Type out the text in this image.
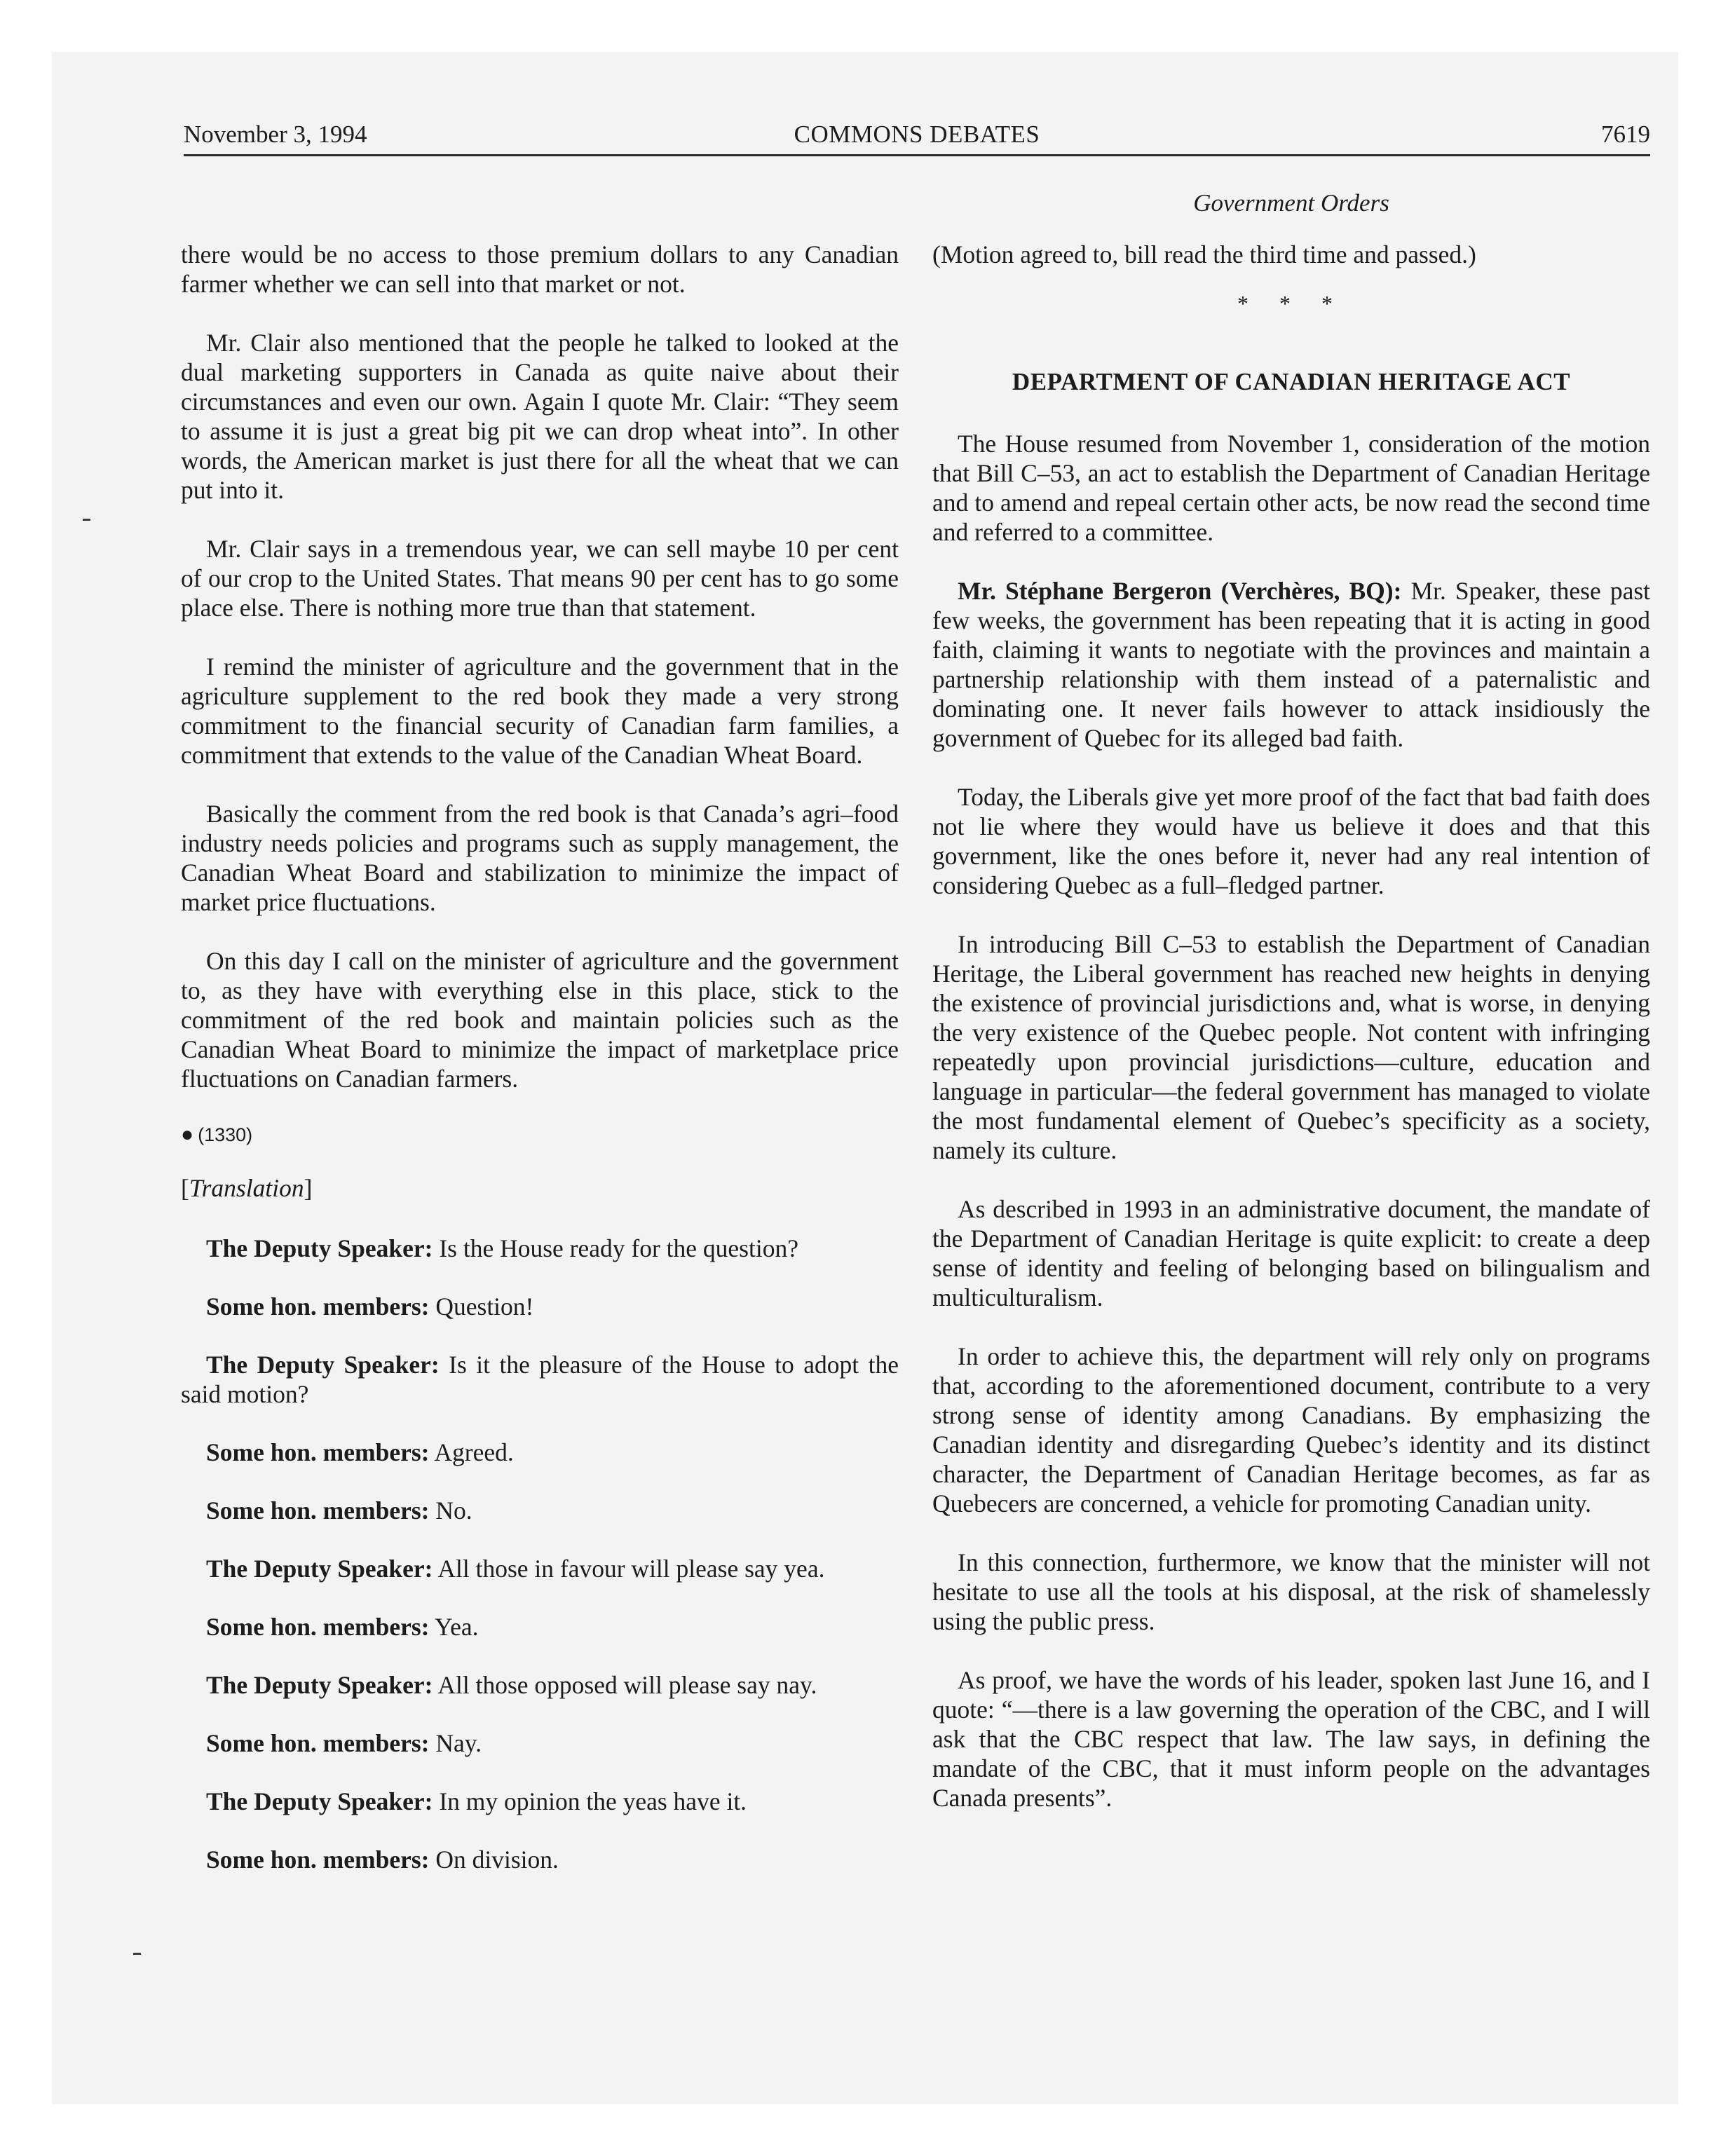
November 3, 1994	COMMONS DEBATES	7619
Government Orders

there would be no access to those premium dollars to any Canadian farmer whether we can sell into that market or not.

Mr. Clair also mentioned that the people he talked to looked at the dual marketing supporters in Canada as quite naive about their circumstances and even our own. Again I quote Mr. Clair: “They seem to assume it is just a great big pit we can drop wheat into”. In other words, the American market is just there for all the wheat that we can put into it.

Mr. Clair says in a tremendous year, we can sell maybe 10 per cent of our crop to the United States. That means 90 per cent has to go some place else. There is nothing more true than that statement.

I remind the minister of agriculture and the government that in the agriculture supplement to the red book they made a very strong commitment to the financial security of Canadian farm families, a commitment that extends to the value of the Canadian Wheat Board.

Basically the comment from the red book is that Canada’s agri–food industry needs policies and programs such as supply management, the Canadian Wheat Board and stabilization to minimize the impact of market price fluctuations.

On this day I call on the minister of agriculture and the government to, as they have with everything else in this place, stick to the commitment of the red book and maintain policies such as the Canadian Wheat Board to minimize the impact of marketplace price fluctuations on Canadian farmers.

● (1330)
[Translation]

The Deputy Speaker: Is the House ready for the question?

Some hon. members: Question!

The Deputy Speaker: Is it the pleasure of the House to adopt the said motion?

Some hon. members: Agreed.

Some hon. members: No.

The Deputy Speaker: All those in favour will please say yea.

Some hon. members: Yea.

The Deputy Speaker: All those opposed will please say nay.

Some hon. members: Nay.

The Deputy Speaker: In my opinion the yeas have it.

Some hon. members: On division.

(Motion agreed to, bill read the third time and passed.)

* * *
DEPARTMENT OF CANADIAN HERITAGE ACT

The House resumed from November 1, consideration of the motion that Bill C–53, an act to establish the Department of Canadian Heritage and to amend and repeal certain other acts, be now read the second time and referred to a committee.

Mr. Stéphane Bergeron (Verchères, BQ): Mr. Speaker, these past few weeks, the government has been repeating that it is acting in good faith, claiming it wants to negotiate with the provinces and maintain a partnership relationship with them instead of a paternalistic and dominating one. It never fails however to attack insidiously the government of Quebec for its alleged bad faith.

Today, the Liberals give yet more proof of the fact that bad faith does not lie where they would have us believe it does and that this government, like the ones before it, never had any real intention of considering Quebec as a full–fledged partner.

In introducing Bill C–53 to establish the Department of Canadian Heritage, the Liberal government has reached new heights in denying the existence of provincial jurisdictions and, what is worse, in denying the very existence of the Quebec people. Not content with infringing repeatedly upon provincial jurisdictions—culture, education and language in particular—the federal government has managed to violate the most fundamental element of Quebec’s specificity as a society, namely its culture.

As described in 1993 in an administrative document, the mandate of the Department of Canadian Heritage is quite explicit: to create a deep sense of identity and feeling of belonging based on bilingualism and multiculturalism.

In order to achieve this, the department will rely only on programs that, according to the aforementioned document, contribute to a very strong sense of identity among Canadians. By emphasizing the Canadian identity and disregarding Quebec’s identity and its distinct character, the Department of Canadian Heritage becomes, as far as Quebecers are concerned, a vehicle for promoting Canadian unity.

In this connection, furthermore, we know that the minister will not hesitate to use all the tools at his disposal, at the risk of shamelessly using the public press.

As proof, we have the words of his leader, spoken last June 16, and I quote: “—there is a law governing the operation of the CBC, and I will ask that the CBC respect that law. The law says, in defining the mandate of the CBC, that it must inform people on the advantages Canada presents”.
